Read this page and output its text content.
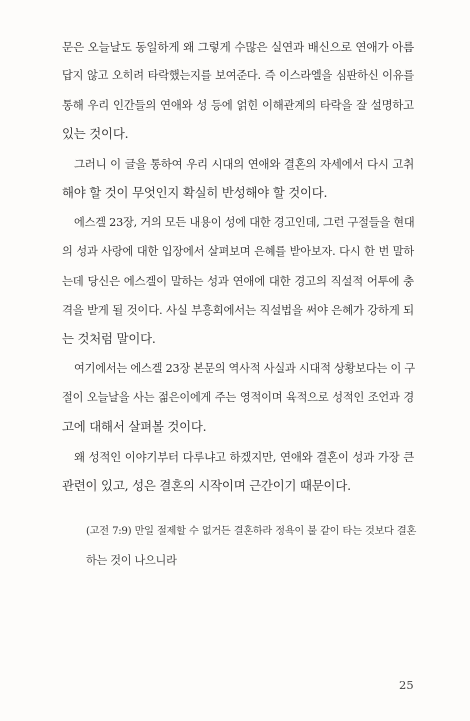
문은 오늘날도 동일하게 왜 그렇게 수많은 실연과 배신으로 연애가 아름
답지 않고 오히려 타락했는지를 보여준다. 즉 이스라엘을 심판하신 이유를
통해 우리 인간들의 연애와 성 등에 얽힌 이해관계의 타락을 잘 설명하고
있는 것이다.
그러니 이 글을 통하여 우리 시대의 연애와 결혼의 자세에서 다시 고취
해야 할 것이 무엇인지 확실히 반성해야 할 것이다.
에스겔 23장, 거의 모든 내용이 성에 대한 경고인데, 그런 구절들을 현대
의 성과 사랑에 대한 입장에서 살펴보며 은혜를 받아보자. 다시 한 번 말하
는데 당신은 에스겔이 말하는 성과 연애에 대한 경고의 직설적 어투에 충
격을 받게 될 것이다. 사실 부흥회에서는 직설법을 써야 은혜가 강하게 되
는 것처럼 말이다.
여기에서는 에스겔 23장 본문의 역사적 사실과 시대적 상황보다는 이 구
절이 오늘날을 사는 젊은이에게 주는 영적이며 육적으로 성적인 조언과 경
고에 대해서 살펴볼 것이다.
왜 성적인 이야기부터 다루냐고 하겠지만, 연애와 결혼이 성과 가장 큰
관련이 있고, 성은 결혼의 시작이며 근간이기 때문이다.
(고전 7:9) 만일 절제할 수 없거든 결혼하라 정욕이 불 같이 타는 것보다 결혼
하는 것이 나으니라
25
